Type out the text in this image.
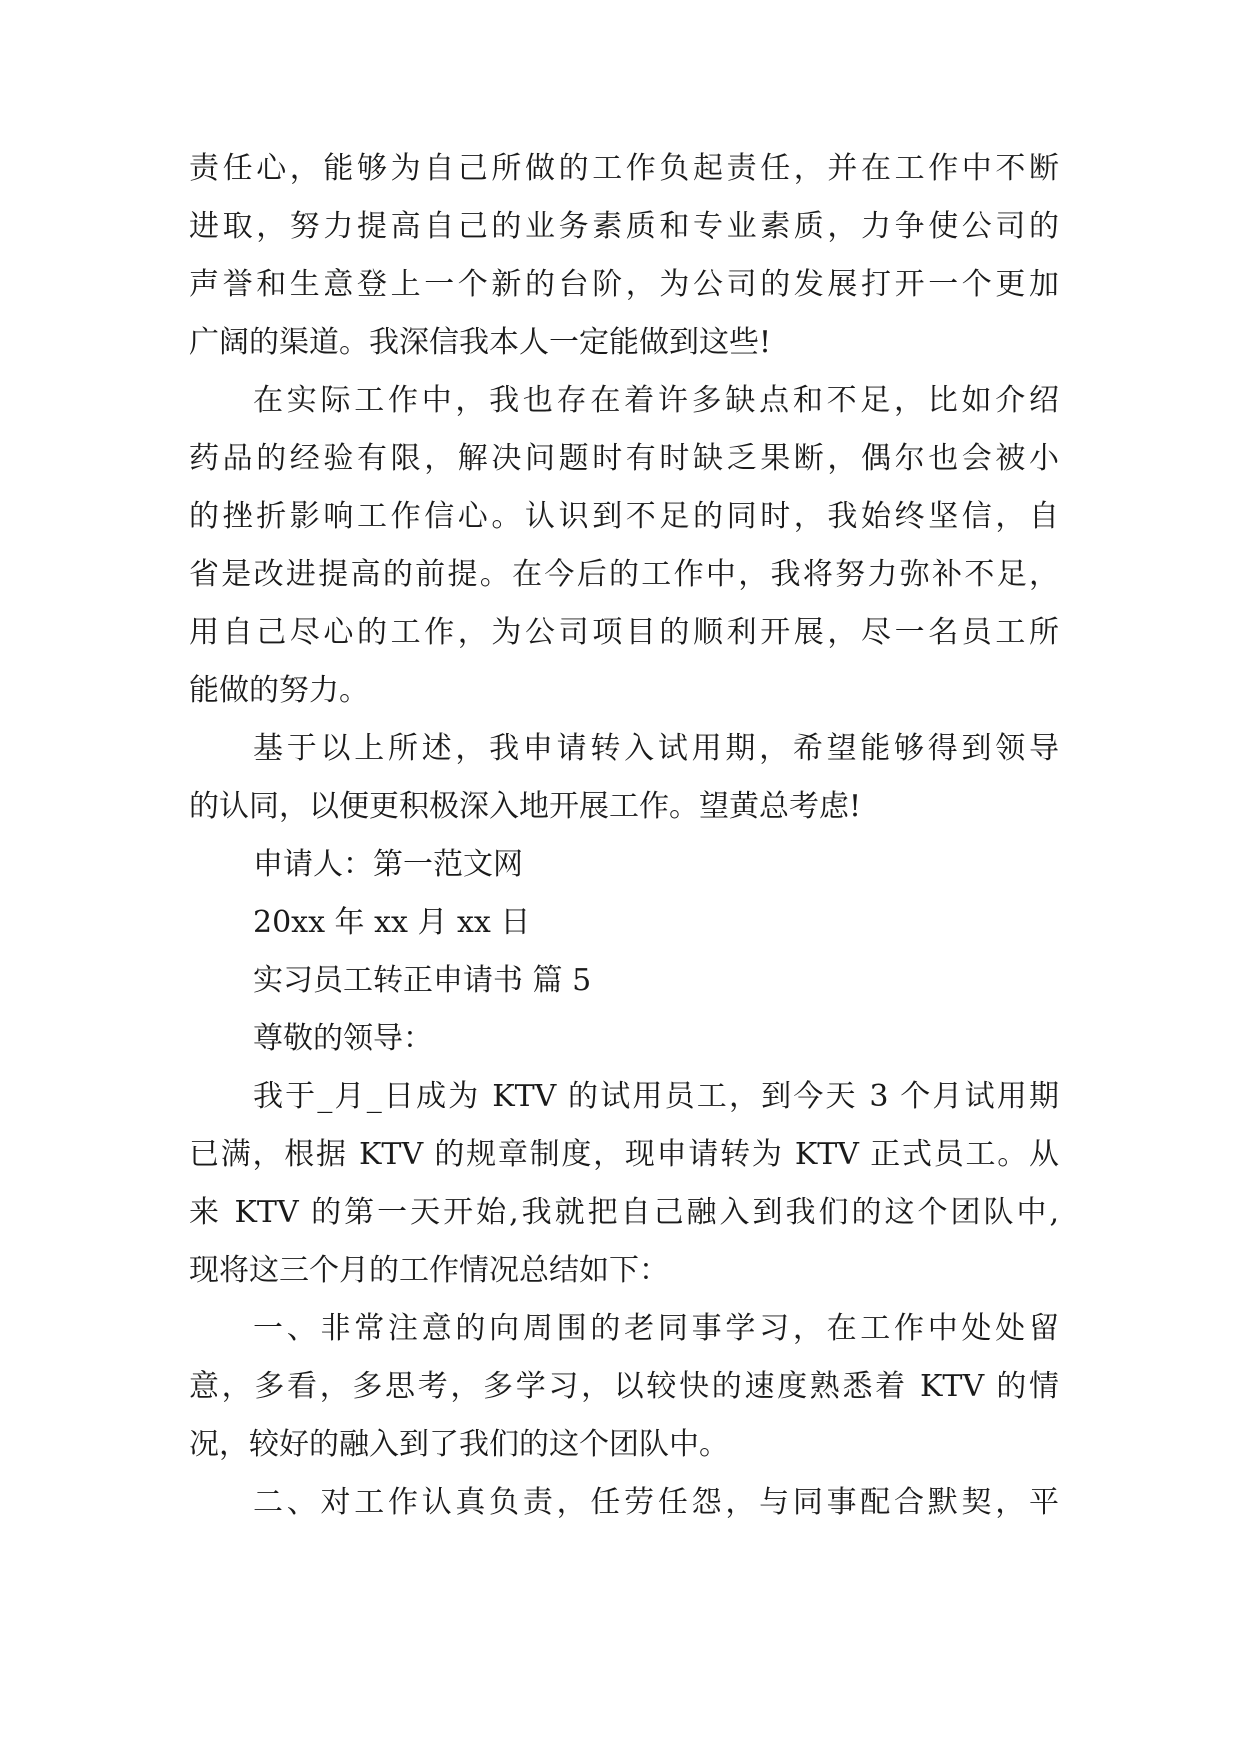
责任心，能够为自己所做的工作负起责任，并在工作中不断
进取，努力提高自己的业务素质和专业素质，力争使公司的
声誉和生意登上一个新的台阶，为公司的发展打开一个更加
广阔的渠道。我深信我本人一定能做到这些!
在实际工作中，我也存在着许多缺点和不足，比如介绍
药品的经验有限，解决问题时有时缺乏果断，偶尔也会被小
的挫折影响工作信心。认识到不足的同时，我始终坚信，自
省是改进提高的前提。在今后的工作中，我将努力弥补不足，
用自己尽心的工作，为公司项目的顺利开展，尽一名员工所
能做的努力。
基于以上所述，我申请转入试用期，希望能够得到领导
的认同，以便更积极深入地开展工作。望黄总考虑!
申请人：第一范文网
20xx 年 xx 月 xx 日
实习员工转正申请书 篇 5
尊敬的领导：
我于_月_日成为 KTV 的试用员工，到今天 3 个月试用期
已满，根据 KTV 的规章制度，现申请转为 KTV 正式员工。从
来 KTV 的第一天开始,我就把自己融入到我们的这个团队中,
现将这三个月的工作情况总结如下：
一、非常注意的向周围的老同事学习，在工作中处处留
意，多看，多思考，多学习，以较快的速度熟悉着 KTV 的情
况，较好的融入到了我们的这个团队中。
二、对工作认真负责，任劳任怨，与同事配合默契，平
